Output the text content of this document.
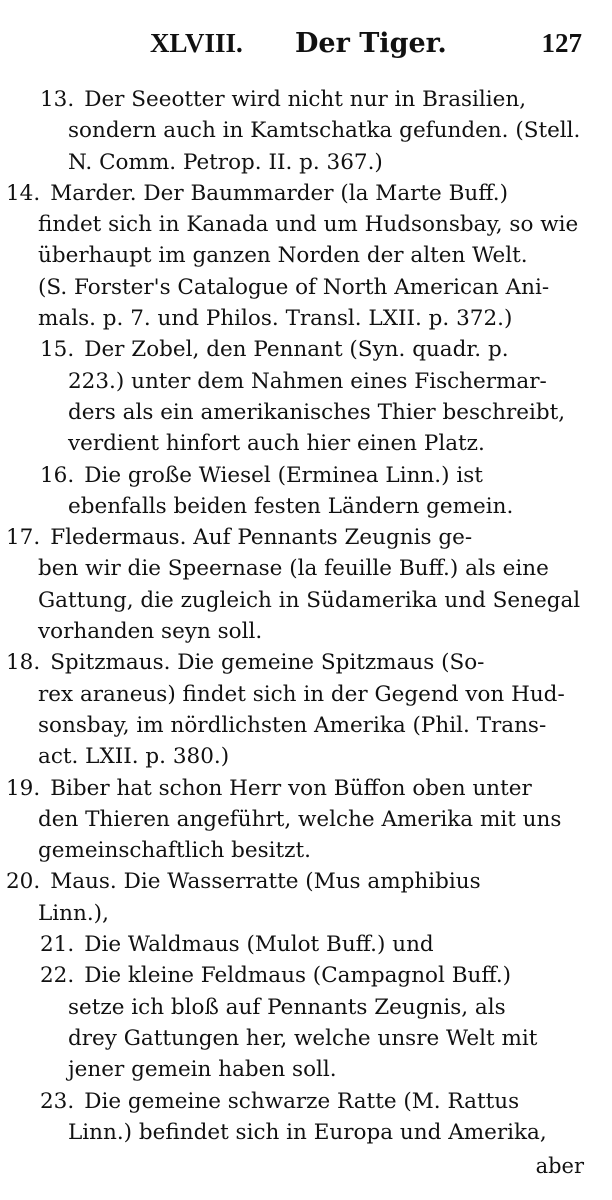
XLVIII. Der Tiger.	127
13. Der Seeotter wird nicht nur in Brasilien,
sondern auch in Kamtschatka gefunden. (Stell.
N. Comm. Petrop. II. p. 367.)
14. Marder. Der Baummarder (la Marte Buff.)
findet sich in Kanada und um Hudsonsbay, so wie
überhaupt im ganzen Norden der alten Welt.
(S. Forster's Catalogue of North American Ani-
mals. p. 7. und Philos. Transl. LXII. p. 372.)
15. Der Zobel, den Pennant (Syn. quadr. p.
223.) unter dem Nahmen eines Fischermar-
ders als ein amerikanisches Thier beschreibt,
verdient hinfort auch hier einen Platz.
16. Die große Wiesel (Erminea Linn.) ist
ebenfalls beiden festen Ländern gemein.
17. Fledermaus. Auf Pennants Zeugnis ge-
ben wir die Speernase (la feuille Buff.) als eine
Gattung, die zugleich in Südamerika und Senegal
vorhanden seyn soll.
18. Spitzmaus. Die gemeine Spitzmaus (So-
rex araneus) findet sich in der Gegend von Hud-
sonsbay, im nördlichsten Amerika (Phil. Trans-
act. LXII. p. 380.)
19. Biber hat schon Herr von Büffon oben unter
den Thieren angeführt, welche Amerika mit uns
gemeinschaftlich besitzt.
20. Maus. Die Wasserratte (Mus amphibius
Linn.),
21. Die Waldmaus (Mulot Buff.) und
22. Die kleine Feldmaus (Campagnol Buff.)
setze ich bloß auf Pennants Zeugnis, als
drey Gattungen her, welche unsre Welt mit
jener gemein haben soll.
23. Die gemeine schwarze Ratte (M. Rattus
Linn.) befindet sich in Europa und Amerika,
aber
